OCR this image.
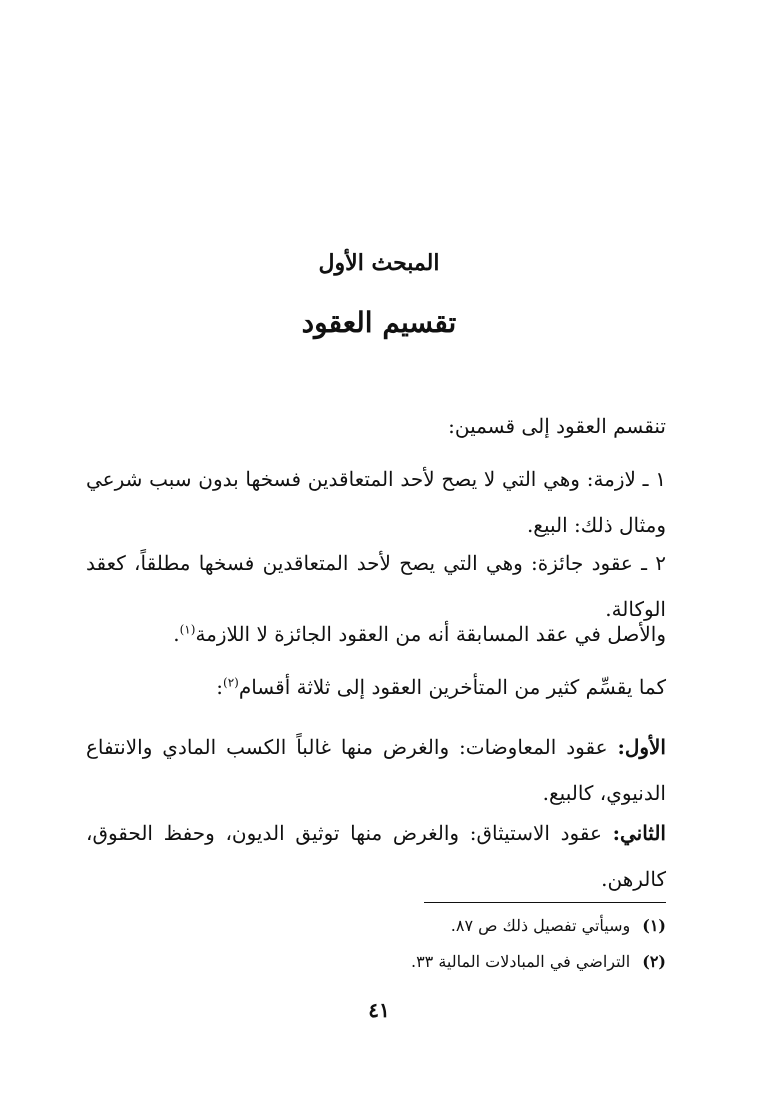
المبحث الأول
تقسيم العقود
تنقسم العقود إلى قسمين:
١ ـ لازمة: وهي التي لا يصح لأحد المتعاقدين فسخها بدون سبب شرعي ومثال ذلك: البيع.
٢ ـ عقود جائزة: وهي التي يصح لأحد المتعاقدين فسخها مطلقاً، كعقد الوكالة.
والأصل في عقد المسابقة أنه من العقود الجائزة لا اللازمة$^{(١)}$.
كما يقسِّم كثير من المتأخرين العقود إلى ثلاثة أقسام$^{(٢)}$:
الأول: عقود المعاوضات: والغرض منها غالباً الكسب المادي والانتفاع الدنيوي، كالبيع.
الثاني: عقود الاستيثاق: والغرض منها توثيق الديون، وحفظ الحقوق، كالرهن.
(١)وسيأتي تفصيل ذلك ص ٨٧.
(٢)التراضي في المبادلات المالية ٣٣.
٤١
